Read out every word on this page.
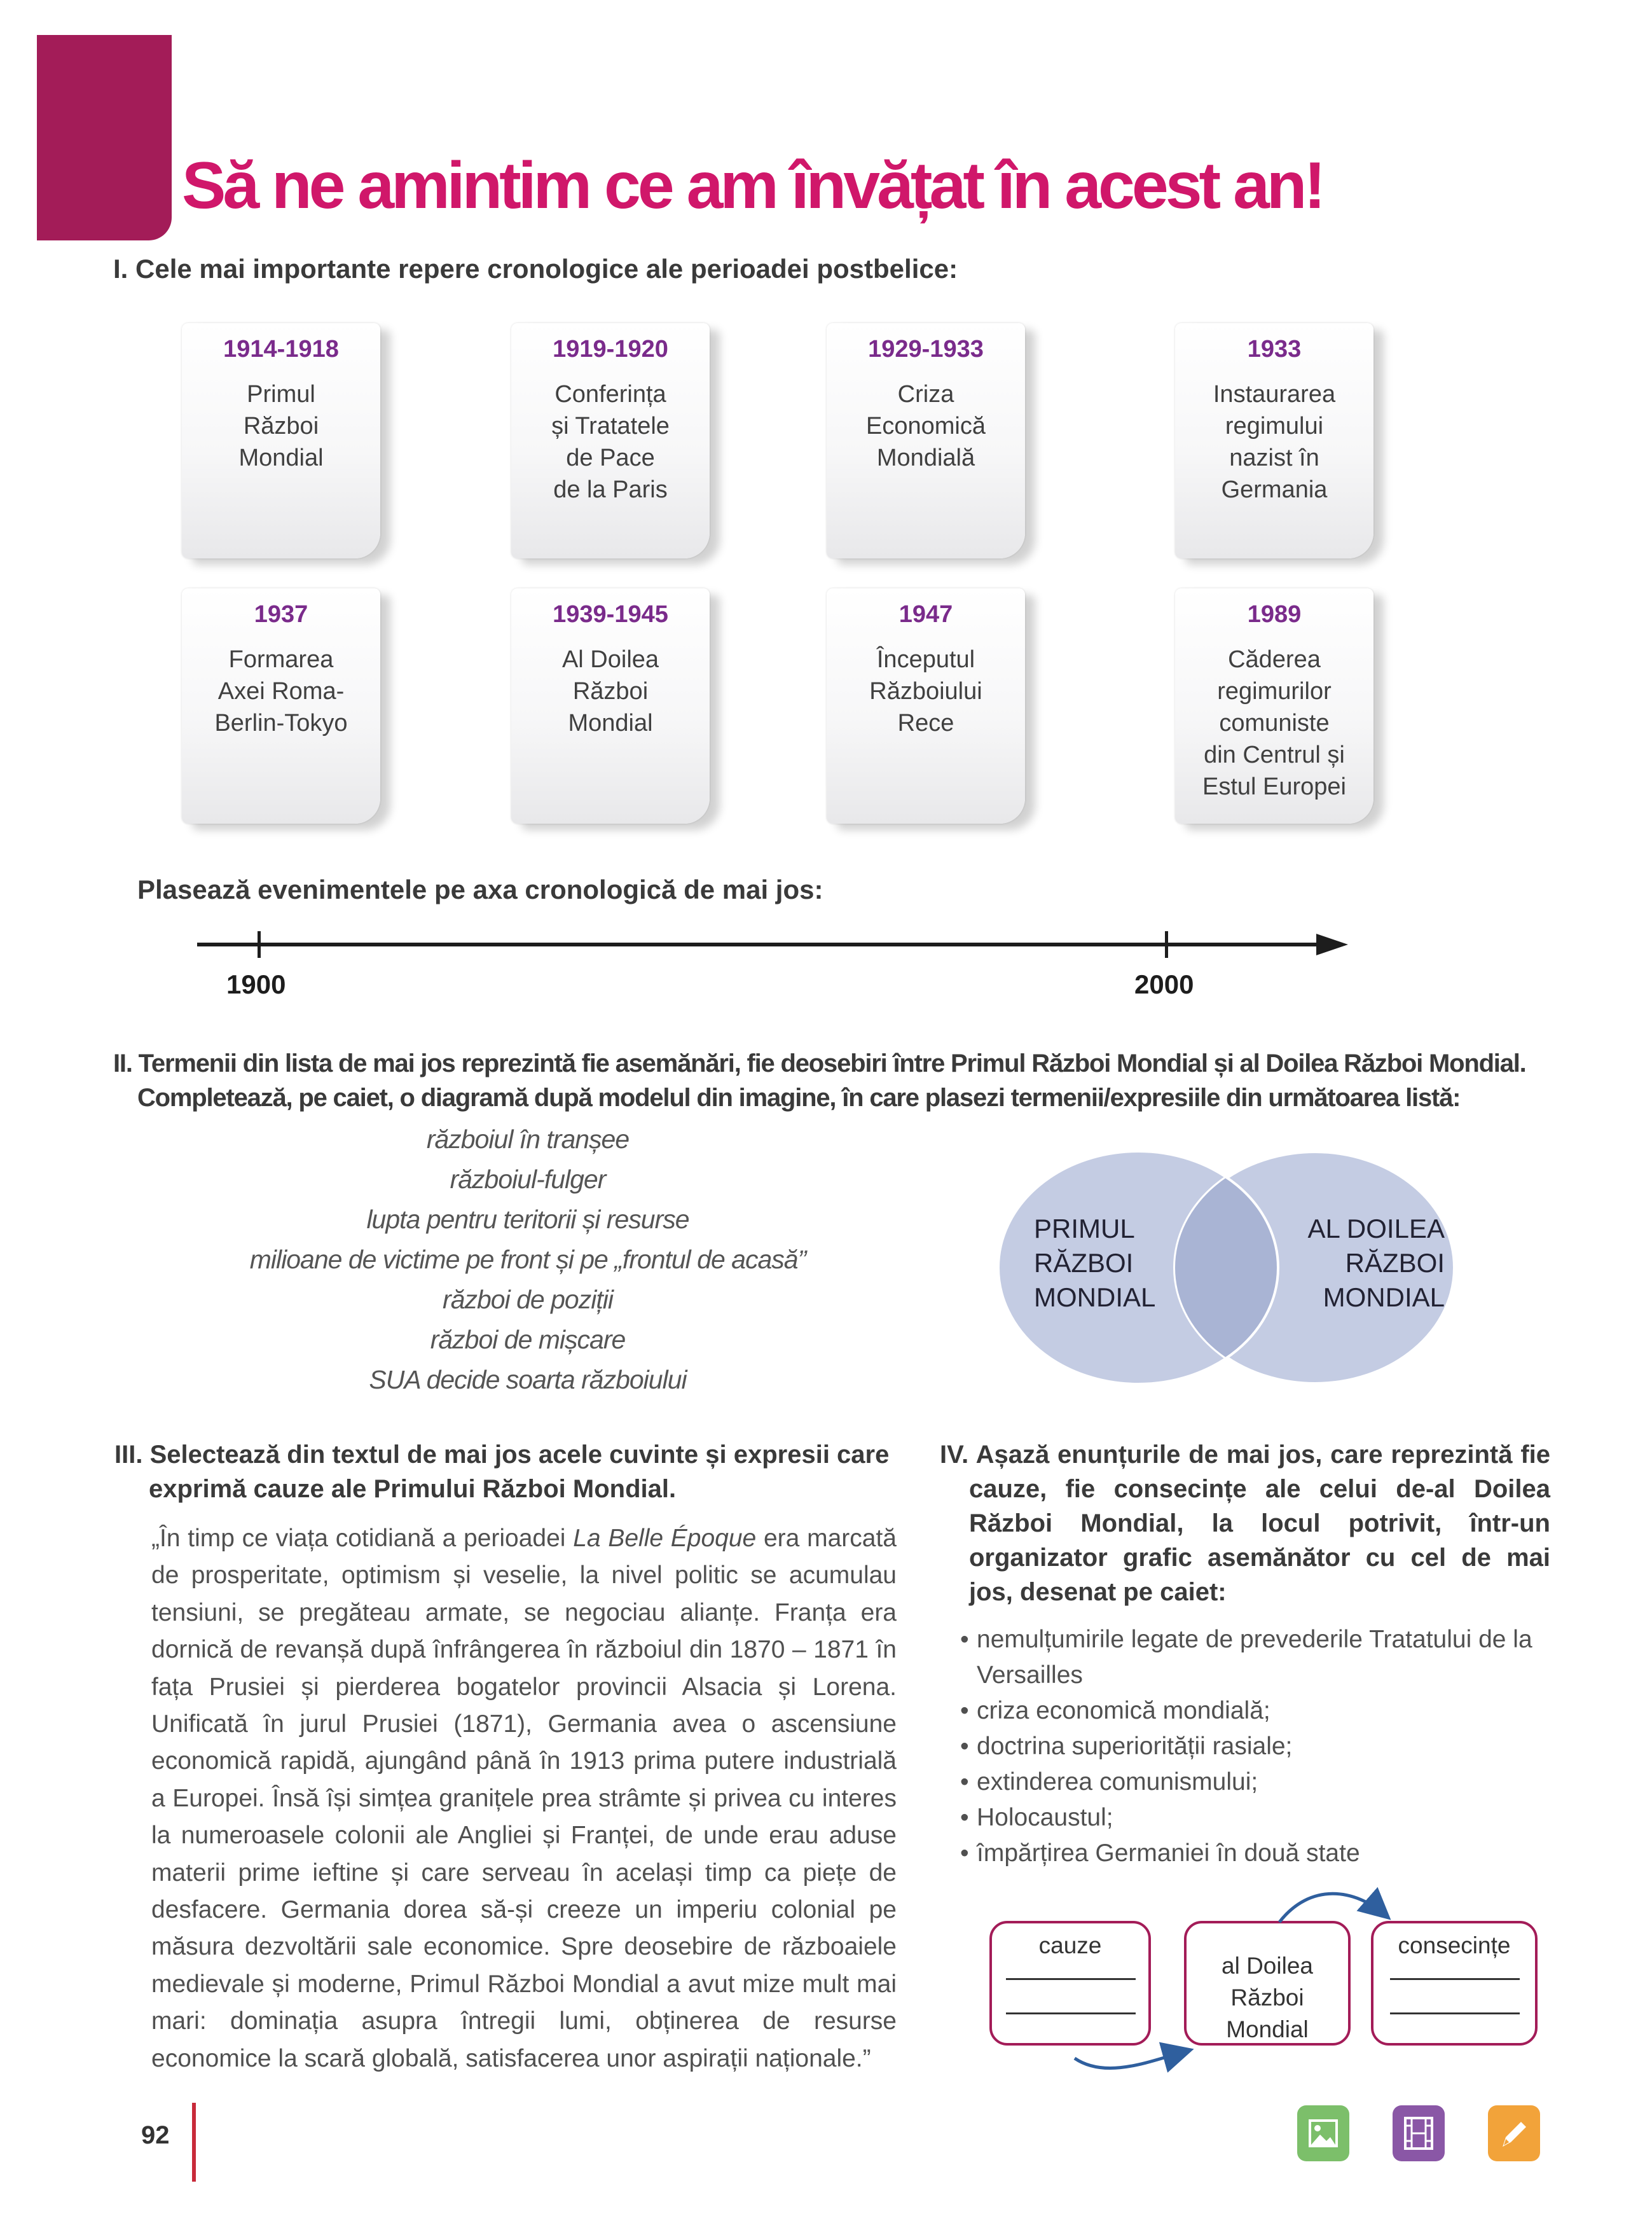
Să ne amintim ce am învățat în acest an!
I. Cele mai importante repere cronologice ale perioadei postbelice:
1914-1918
Primul
Război
Mondial
1919-1920
Conferința
și Tratatele
de Pace
de la Paris
1929-1933
Criza
Economică
Mondială
1933
Instaurarea
regimului
nazist în
Germania
1937
Formarea
Axei Roma-
Berlin-Tokyo
1939-1945
Al Doilea
Război
Mondial
1947
Începutul
Războiului
Rece
1989
Căderea
regimurilor
comuniste
din Centrul și
Estul Europei
Plasează evenimentele pe axa cronologică de mai jos:
1900	2000
II. Termenii din lista de mai jos reprezintă fie asemănări, fie deosebiri între Primul Război Mondial și al Doilea Război Mondial.
Completează, pe caiet, o diagramă după modelul din imagine, în care plasezi termenii/expresiile din următoarea listă:
războiul în tranșee
războiul-fulger
lupta pentru teritorii și resurse
milioane de victime pe front și pe „frontul de acasă”
război de poziții
război de mișcare
SUA decide soarta războiului
PRIMUL
RĂZBOI
MONDIAL
AL DOILEA
RĂZBOI
MONDIAL
III. Selectează din textul de mai jos acele cuvinte și expresii care exprimă cauze ale Primului Război Mondial.

„În timp ce viața cotidiană a perioadei La Belle Époque era marcată de prosperitate, optimism și veselie, la nivel politic se acumulau tensiuni, se pregăteau armate, se negociau alianțe. Franța era dornică de revanșă după înfrângerea în războiul din 1870 – 1871 în fața Prusiei și pierderea bogatelor provincii Alsacia și Lorena. Unificată în jurul Prusiei (1871), Germania avea o ascensiune economică rapidă, ajungând până în 1913 prima putere industrială a Europei. Însă își simțea granițele prea strâmte și privea cu interes la numeroasele colonii ale Angliei și Franței, de unde erau aduse materii prime ieftine și care serveau în același timp ca piețe de desfacere. Germania dorea să-și creeze un imperiu colonial pe măsura dezvoltării sale economice. Spre deosebire de războaiele medievale și moderne, Primul Război Mondial a avut mize mult mai mari: dominația asupra întregii lumi, obținerea de resurse economice la scară globală, satisfacerea unor aspirații naționale.”

IV. Așază enunțurile de mai jos, care reprezintă fie cauze, fie consecințe ale celui de-al Doilea Război Mondial, la locul potrivit, într-un organizator grafic asemănător cu cel de mai jos, desenat pe caiet:
• nemulțumirile legate de prevederile Tratatului de la Versailles
• criza economică mondială;
• doctrina superiorității rasiale;
• extinderea comunismului;
• Holocaustul;
• împărțirea Germaniei în două state
cauze
al Doilea Război
Mondial
consecințe
92
